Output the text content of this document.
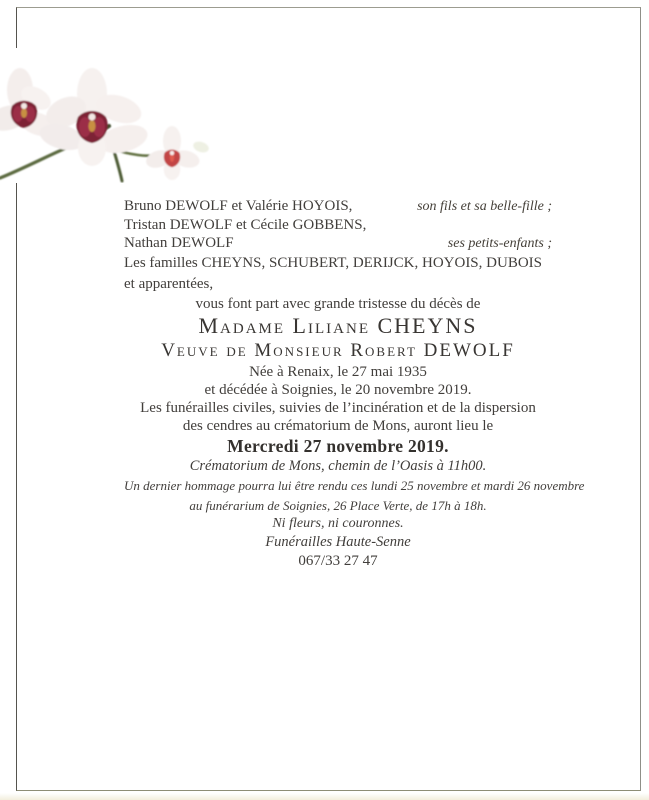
Bruno DEWOLF et Valérie HOYOIS,	son fils et sa belle-fille ;
Tristan DEWOLF et Cécile GOBBENS,
Nathan DEWOLF	ses petits-enfants ;

Les familles CHEYNS, SCHUBERT, DERIJCK, HOYOIS, DUBOIS
et apparentées,

vous font part avec grande tristesse du décès de

Madame Liliane CHEYNS
Veuve de Monsieur Robert DEWOLF

Née à Renaix, le 27 mai 1935
et décédée à Soignies, le 20 novembre 2019.

Les funérailles civiles, suivies de l’incinération et de la dispersion
des cendres au crématorium de Mons, auront lieu le

Mercredi 27 novembre 2019.

Crématorium de Mons, chemin de l’Oasis à 11h00.

Un dernier hommage pourra lui être rendu ces lundi 25 novembre et mardi 26 novembre
au funérarium de Soignies, 26 Place Verte, de 17h à 18h.

Ni fleurs, ni couronnes.

Funérailles Haute-Senne
067/33 27 47
